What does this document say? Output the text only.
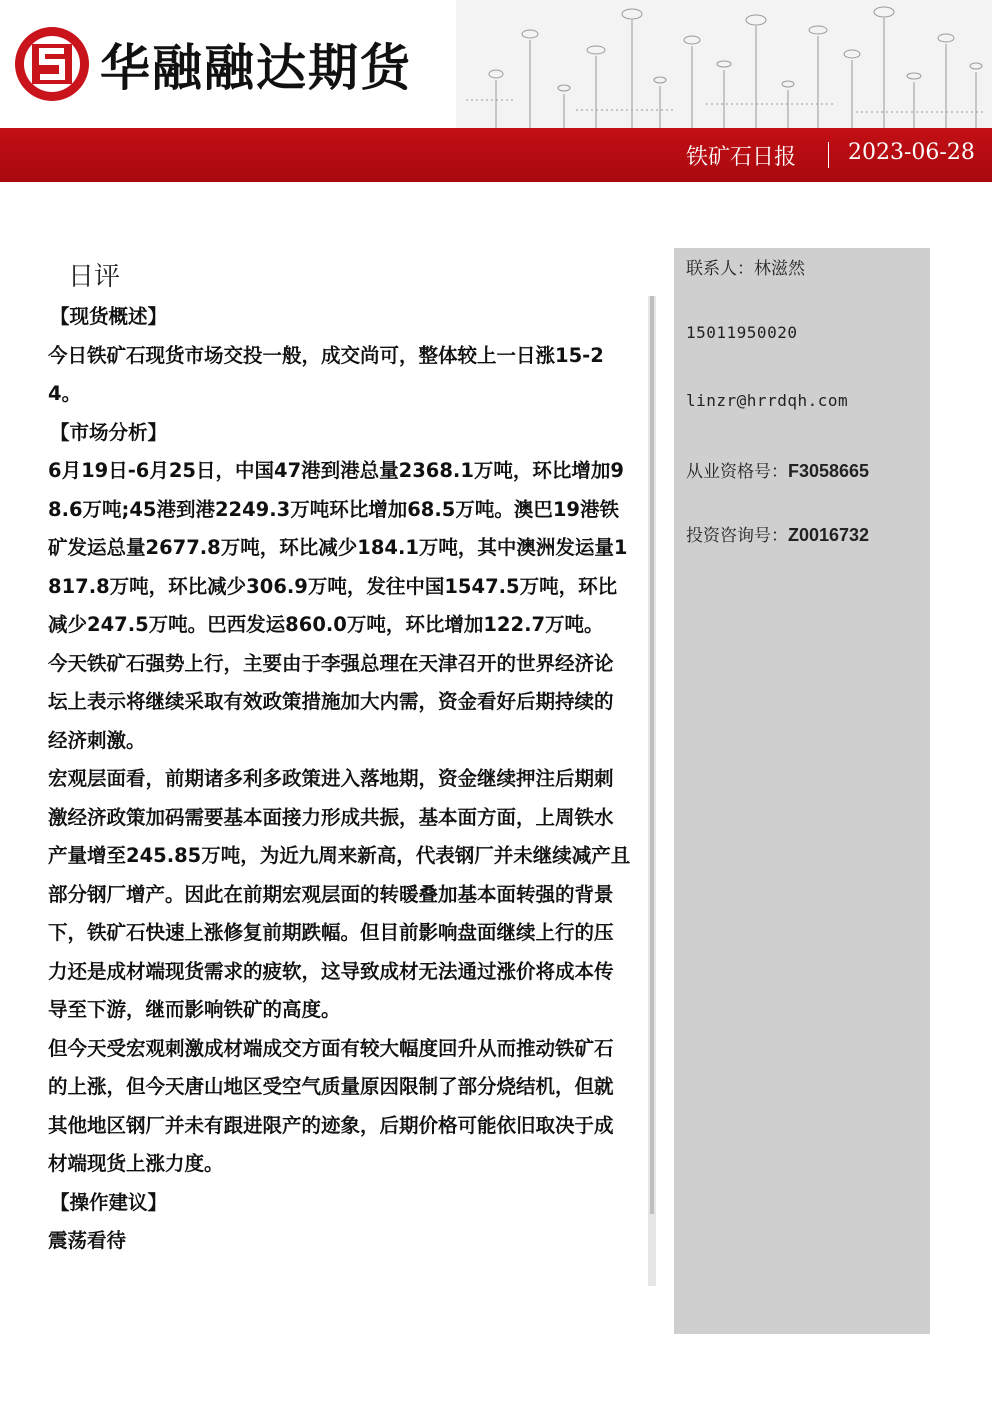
华融融达期货
铁矿石日报 2023-06-28
日评

【现货概述】

今日铁矿石现货市场交投一般，成交尚可，整体较上一日涨15-24。

【市场分析】

6月19日-6月25日，中国47港到港总量2368.1万吨，环比增加98.6万吨;45港到港2249.3万吨环比增加68.5万吨。澳巴19港铁矿发运总量2677.8万吨，环比减少184.1万吨，其中澳洲发运量1817.8万吨，环比减少306.9万吨，发往中国1547.5万吨，环比减少247.5万吨。巴西发运860.0万吨，环比增加122.7万吨。

今天铁矿石强势上行，主要由于李强总理在天津召开的世界经济论坛上表示将继续采取有效政策措施加大内需，资金看好后期持续的经济刺激。

宏观层面看，前期诸多利多政策进入落地期，资金继续押注后期刺激经济政策加码需要基本面接力形成共振，基本面方面，上周铁水产量增至245.85万吨，为近九周来新高，代表钢厂并未继续减产且部分钢厂增产。因此在前期宏观层面的转暖叠加基本面转强的背景下，铁矿石快速上涨修复前期跌幅。但目前影响盘面继续上行的压力还是成材端现货需求的疲软，这导致成材无法通过涨价将成本传导至下游，继而影响铁矿的高度。

但今天受宏观刺激成材端成交方面有较大幅度回升从而推动铁矿石的上涨，但今天唐山地区受空气质量原因限制了部分烧结机，但就其他地区钢厂并未有跟进限产的迹象，后期价格可能依旧取决于成材端现货上涨力度。

【操作建议】

震荡看待

联系人：林滋然
15011950020
linzr@hrrdqh.com
从业资格号：F3058665
投资咨询号：Z0016732
